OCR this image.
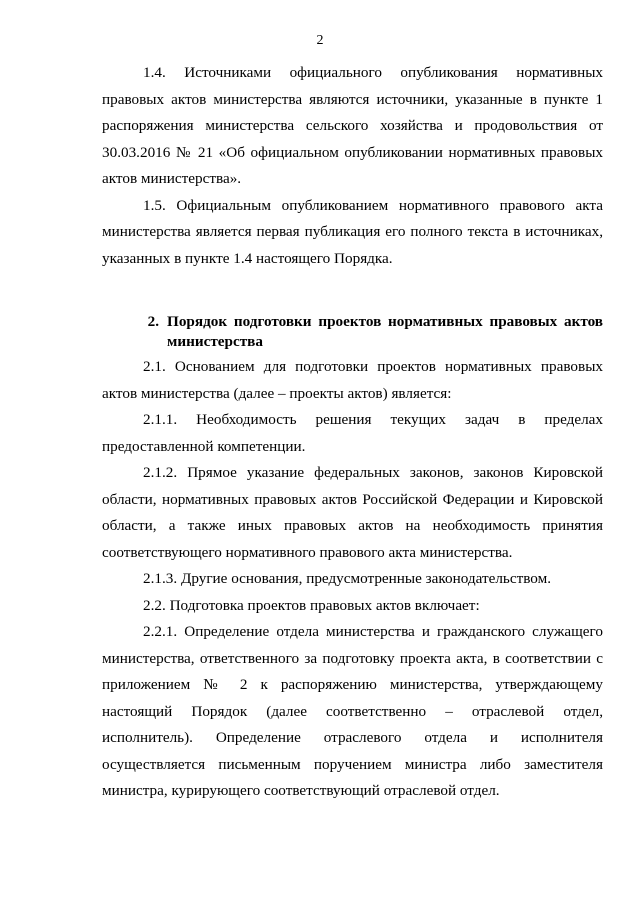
2

1.4. Источниками официального опубликования нормативных правовых актов министерства являются источники, указанные в пункте 1 распоряжения министерства сельского хозяйства и продовольствия от 30.03.2016 № 21 «Об официальном опубликовании нормативных правовых актов министерства».

1.5. Официальным опубликованием нормативного правового акта министерства является первая публикация его полного текста в источниках, указанных в пункте 1.4 настоящего Порядка.

2. Порядок подготовки проектов нормативных правовых актов министерства

2.1. Основанием для подготовки проектов нормативных правовых актов министерства (далее – проекты актов) является:

2.1.1. Необходимость решения текущих задач в пределах предоставленной компетенции.

2.1.2. Прямое указание федеральных законов, законов Кировской области, нормативных правовых актов Российской Федерации и Кировской области, а также иных правовых актов на необходимость принятия соответствующего нормативного правового акта министерства.

2.1.3. Другие основания, предусмотренные законодательством.

2.2. Подготовка проектов правовых актов включает:

2.2.1. Определение отдела министерства и гражданского служащего министерства, ответственного за подготовку проекта акта, в соответствии с приложением № 2 к распоряжению министерства, утверждающему настоящий Порядок (далее соответственно – отраслевой отдел, исполнитель). Определение отраслевого отдела и исполнителя осуществляется письменным поручением министра либо заместителя министра, курирующего соответствующий отраслевой отдел.
